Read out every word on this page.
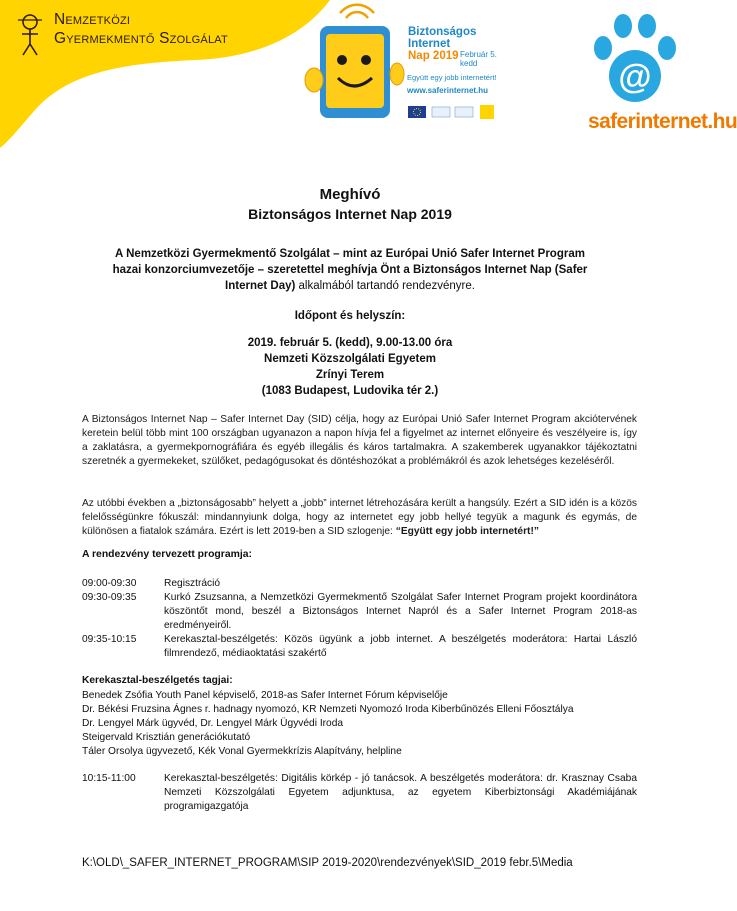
Nemzetközi
Gyermekmentő Szolgálat	Biztonságos
Internet
Nap 2019 Február 5.
kedd
Együtt egy jobb internetért!
www.saferinternet.hu	@
saferinternet.hu
Meghívó
Biztonságos Internet Nap 2019
A Nemzetközi Gyermekmentő Szolgálat – mint az Európai Unió Safer Internet Program hazai konzorciumvezetője – szeretettel meghívja Önt a Biztonságos Internet Nap (Safer Internet Day) alkalmából tartandó rendezvényre.
Időpont és helyszín:
2019. február 5. (kedd), 9.00-13.00 óra
Nemzeti Közszolgálati Egyetem
Zrínyi Terem
(1083 Budapest, Ludovika tér 2.)
A Biztonságos Internet Nap – Safer Internet Day (SID) célja, hogy az Európai Unió Safer Internet Program akciótervének keretein belül több mint 100 országban ugyanazon a napon hívja fel a figyelmet az internet előnyeire és veszélyeire is, így a zaklatásra, a gyermekpornográfiára és egyéb illegális és káros tartalmakra. A szakemberek ugyanakkor tájékoztatni szeretnék a gyermekeket, szülőket, pedagógusokat és döntéshozókat a problémákról és azok lehetséges kezeléséről.
Az utóbbi években a „biztonságosabb” helyett a „jobb” internet létrehozására került a hangsúly. Ezért a SID idén is a közös felelősségünkre fókuszál: mindannyiunk dolga, hogy az internetet egy jobb hellyé tegyük a magunk és egymás, de különösen a fiatalok számára. Ezért is lett 2019-ben a SID szlogenje: “Együtt egy jobb internetért!”
A rendezvény tervezett programja:
09:00-09:30	Regisztráció
09:30-09:35	Kurkó Zsuzsanna, a Nemzetközi Gyermekmentő Szolgálat Safer Internet Program projekt koordinátora köszöntőt mond, beszél a Biztonságos Internet Napról és a Safer Internet Program 2018-as eredményeiről.
09:35-10:15	Kerekasztal-beszélgetés: Közös ügyünk a jobb internet. A beszélgetés moderátora: Hartai László filmrendező, médiaoktatási szakértő
Kerekasztal-beszélgetés tagjai:
Benedek Zsófia Youth Panel képviselő, 2018-as Safer Internet Fórum képviselője
Dr. Békési Fruzsina Ágnes r. hadnagy nyomozó, KR Nemzeti Nyomozó Iroda Kiberbűnözés Elleni Főosztálya
Dr. Lengyel Márk ügyvéd, Dr. Lengyel Márk Ügyvédi Iroda
Steigervald Krisztián generációkutató
Táler Orsolya ügyvezető, Kék Vonal Gyermekkrízis Alapítvány, helpline
10:15-11:00	Kerekasztal-beszélgetés: Digitális körkép - jó tanácsok. A beszélgetés moderátora: dr. Krasznay Csaba Nemzeti Közszolgálati Egyetem adjunktusa, az egyetem Kiberbiztonsági Akadémiájának programigazgatója
K:\OLD\_SAFER_INTERNET_PROGRAM\SIP 2019-2020\rendezvények\SID_2019 febr.5\Media
